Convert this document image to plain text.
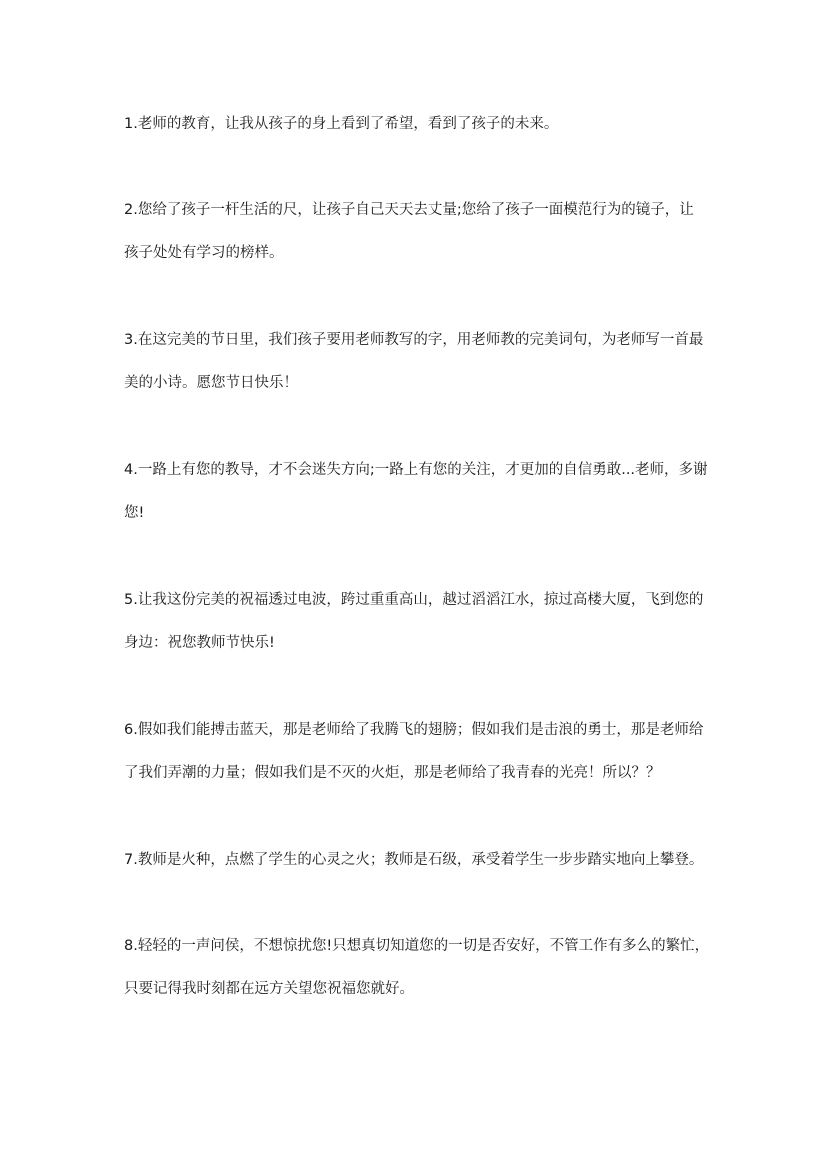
1.老师的教育，让我从孩子的身上看到了希望，看到了孩子的未来。
2.您给了孩子一杆生活的尺，让孩子自己天天去丈量;您给了孩子一面模范行为的镜子，让
孩子处处有学习的榜样。
3.在这完美的节日里，我们孩子要用老师教写的字，用老师教的完美词句，为老师写一首最
美的小诗。愿您节日快乐！
4.一路上有您的教导，才不会迷失方向;一路上有您的关注，才更加的自信勇敢...老师，多谢
您!
5.让我这份完美的祝福透过电波，跨过重重高山，越过滔滔江水，掠过高楼大厦，飞到您的
身边：祝您教师节快乐!
6.假如我们能搏击蓝天，那是老师给了我腾飞的翅膀；假如我们是击浪的勇士，那是老师给
了我们弄潮的力量；假如我们是不灭的火炬，那是老师给了我青春的光亮！所以？？
7.教师是火种，点燃了学生的心灵之火；教师是石级，承受着学生一步步踏实地向上攀登。
8.轻轻的一声问侯，不想惊扰您!只想真切知道您的一切是否安好，不管工作有多么的繁忙，
只要记得我时刻都在远方关望您祝福您就好。
